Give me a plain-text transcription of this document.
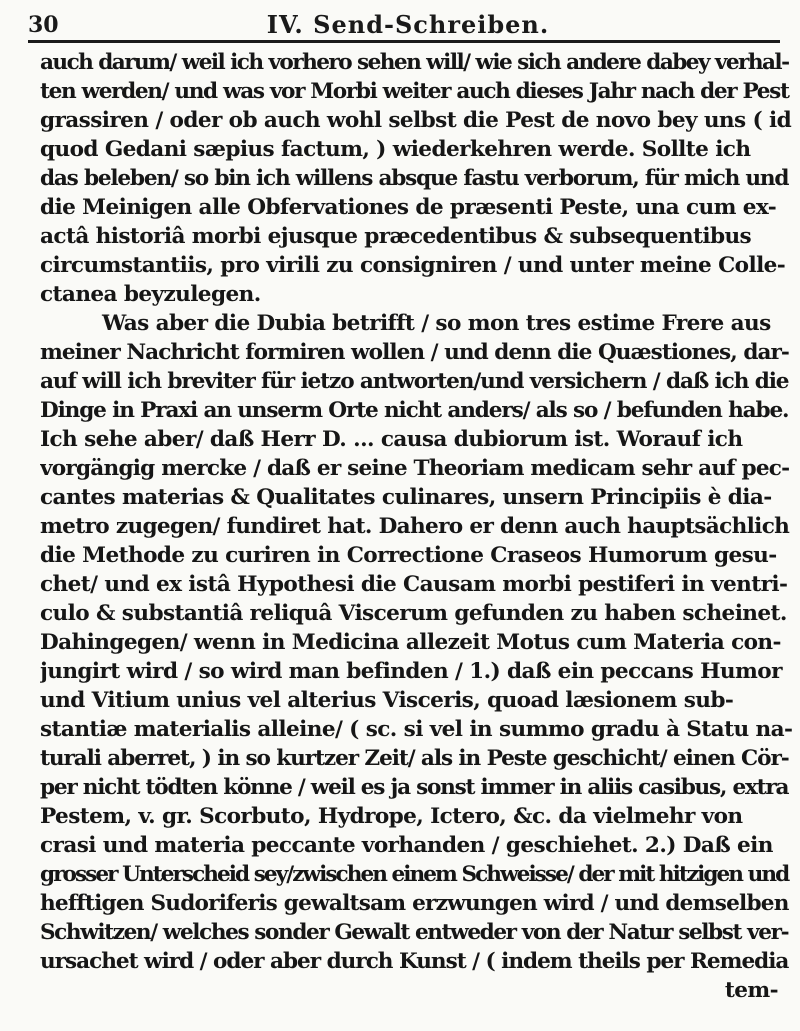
30	IV. Send-Schreiben.
auch darum/ weil ich vorhero sehen will/ wie sich andere dabey verhal-
ten werden/ und was vor Morbi weiter auch dieses Jahr nach der Pest
grassiren / oder ob auch wohl selbst die Pest de novo bey uns ( id
quod Gedani sæpius factum, ) wiederkehren werde. Sollte ich
das beleben/ so bin ich willens absque fastu verborum, für mich und
die Meinigen alle Obfervationes de præsenti Peste, una cum ex-
actâ historiâ morbi ejusque præcedentibus & subsequentibus
circumstantiis, pro virili zu consigniren / und unter meine Colle-
ctanea beyzulegen.
Was aber die Dubia betrifft / so mon tres estime Frere aus
meiner Nachricht formiren wollen / und denn die Quæstiones, dar-
auf will ich breviter für ietzo antworten/und versichern / daß ich die
Dinge in Praxi an unserm Orte nicht anders/ als so / befunden habe.
Ich sehe aber/ daß Herr D. ... causa dubiorum ist. Worauf ich
vorgängig mercke / daß er seine Theoriam medicam sehr auf pec-
cantes materias & Qualitates culinares, unsern Principiis è dia-
metro zugegen/ fundiret hat. Dahero er denn auch hauptsächlich
die Methode zu curiren in Correctione Craseos Humorum gesu-
chet/ und ex istâ Hypothesi die Causam morbi pestiferi in ventri-
culo & substantiâ reliquâ Viscerum gefunden zu haben scheinet.
Dahingegen/ wenn in Medicina allezeit Motus cum Materia con-
jungirt wird / so wird man befinden / 1.) daß ein peccans Humor
und Vitium unius vel alterius Visceris, quoad læsionem sub-
stantiæ materialis alleine/ ( sc. si vel in summo gradu à Statu na-
turali aberret, ) in so kurtzer Zeit/ als in Peste geschicht/ einen Cör-
per nicht tödten könne / weil es ja sonst immer in aliis casibus, extra
Pestem, v. gr. Scorbuto, Hydrope, Ictero, &c. da vielmehr von
crasi und materia peccante vorhanden / geschiehet. 2.) Daß ein
grosser Unterscheid sey/zwischen einem Schweisse/ der mit hitzigen und
hefftigen Sudoriferis gewaltsam erzwungen wird / und demselben
Schwitzen/ welches sonder Gewalt entweder von der Natur selbst ver-
ursachet wird / oder aber durch Kunst / ( indem theils per Remedia
tem-
